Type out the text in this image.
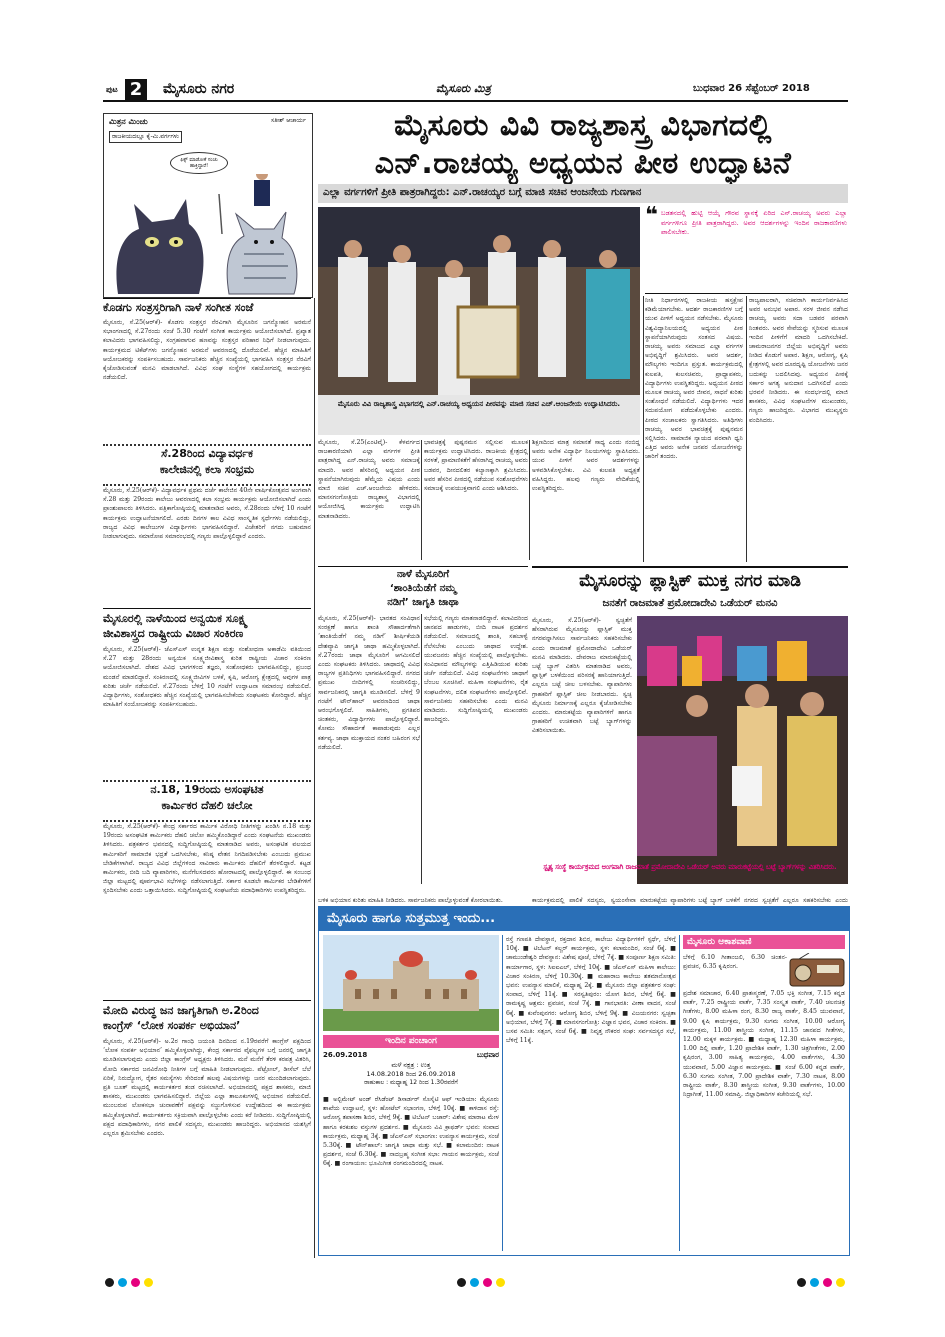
ಪುಟ 2	ಮೈಸೂರು ನಗರ	ಮೈಸೂರು ಮಿತ್ರ	ಬುಧವಾರ 26 ಸೆಪ್ಟೆಂಬರ್ 2018
ಮಿತ್ರನ ಮಿಂಚು	ಸತೀಶ್ ಆಚಾರ್ಯ
ರಾಜಕೀಯದಲ್ಲೂ ಕೈ-ಮಿ.ವರ್ಗಗಳು
ಫಿಕ್ಸ್ ಮಾಡೋಕೆ ಸಂಚು ಹಾಕ್ತಿದ್ದಾರೆ!
ಮೈಸೂರು ವಿವಿ ರಾಜ್ಯಶಾಸ್ತ್ರ ವಿಭಾಗದಲ್ಲಿ
ಎನ್.ರಾಚಯ್ಯ ಅಧ್ಯಯನ ಪೀಠ ಉದ್ಘಾಟನೆ
ಎಲ್ಲಾ ವರ್ಗಗಳಿಗೆ ಪ್ರೀತಿ ಪಾತ್ರರಾಗಿದ್ದರು: ಎನ್.ರಾಚಯ್ಯರ ಬಗ್ಗೆ ಮಾಜಿ ಸಚಿವ ಆಂಜನೇಯ ಗುಣಗಾನ
ಮೈಸೂರು ವಿವಿ ರಾಜ್ಯಶಾಸ್ತ್ರ ವಿಭಾಗದಲ್ಲಿ ಎನ್.ರಾಚಯ್ಯ ಅಧ್ಯಯನ ಪೀಠವನ್ನು ಮಾಜಿ ಸಚಿವ ಎಚ್.ಆಂಜನೇಯ ಉದ್ಘಾಟಿಸಿದರು.
❝ ಬಡತನದಲ್ಲಿ ಹುಟ್ಟಿ ಆಯ್ಕೆ ಗೌರವ ಸ್ಥಾನಕ್ಕೆ ಏರಿದ ಎನ್.ರಾಚಯ್ಯ ಅವರು ಎಲ್ಲಾ ವರ್ಗಗಳಿಗೂ ಪ್ರೀತಿ ಪಾತ್ರರಾಗಿದ್ದರು. ಅವರ ಆದರ್ಶಗಳನ್ನು ಇಂದಿನ ರಾಜಕಾರಣಿಗಳು ಪಾಲಿಸಬೇಕು.
ನೀತಿ ನಿರ್ಧಾರಗಳಲ್ಲಿ ರಾಜಕೀಯ ಹಸ್ತಕ್ಷೇಪ ಕಡಿಮೆಯಾಗಬೇಕು. ಆದರ್ಶ ರಾಜಕಾರಣಿಗಳ ಬಗ್ಗೆ ಯುವ ಪೀಳಿಗೆ ಅಧ್ಯಯನ ನಡೆಸಬೇಕು. ಮೈಸೂರು ವಿಶ್ವವಿದ್ಯಾನಿಲಯದಲ್ಲಿ ಅಧ್ಯಯನ ಪೀಠ ಸ್ಥಾಪನೆಯಾಗಿರುವುದು ಸಂತಸದ ವಿಷಯ. ರಾಚಯ್ಯ ಅವರು ಸಮಾಜದ ಎಲ್ಲಾ ವರ್ಗಗಳ ಅಭಿವೃದ್ಧಿಗೆ ಶ್ರಮಿಸಿದರು. ಅವರ ಆದರ್ಶ, ಮೌಲ್ಯಗಳು ಇಂದಿಗೂ ಪ್ರಸ್ತುತ. ಕಾರ್ಯಕ್ರಮದಲ್ಲಿ ಕುಲಪತಿ, ಕುಲಸಚಿವರು, ಪ್ರಾಧ್ಯಾಪಕರು, ವಿದ್ಯಾರ್ಥಿಗಳು ಉಪಸ್ಥಿತರಿದ್ದರು. ಅಧ್ಯಯನ ಪೀಠದ ಮೂಲಕ ರಾಚಯ್ಯ ಅವರ ಜೀವನ, ಸಾಧನೆ ಕುರಿತು ಸಂಶೋಧನೆ ನಡೆಯಲಿದೆ. ವಿದ್ಯಾರ್ಥಿಗಳು ಇದರ ಸದುಪಯೋಗ ಪಡೆದುಕೊಳ್ಳಬೇಕು ಎಂದರು. ಪೀಠದ ಸಂಚಾಲಕರು ಸ್ವಾಗತಿಸಿದರು. ಅತಿಥಿಗಳು ರಾಚಯ್ಯ ಅವರ ಭಾವಚಿತ್ರಕ್ಕೆ ಪುಷ್ಪನಮನ ಸಲ್ಲಿಸಿದರು. ಸಾಮಾಜಿಕ ನ್ಯಾಯದ ಪರವಾಗಿ ಧ್ವನಿ ಎತ್ತಿದ ಅವರು ಅನೇಕ ಜನಪರ ಯೋಜನೆಗಳನ್ನು ಜಾರಿಗೆ ತಂದರು.
ರಾಜ್ಯಪಾಲರಾಗಿ, ಸಚಿವರಾಗಿ ಕಾರ್ಯನಿರ್ವಹಿಸಿದ ಅವರ ಅನುಭವ ಅಪಾರ. ಸರಳ ಜೀವನ ನಡೆಸಿದ ರಾಚಯ್ಯ ಅವರು ಸದಾ ಬಡವರ ಪರವಾಗಿ ನಿಂತವರು. ಅವರ ಸೇವೆಯನ್ನು ಸ್ಮರಿಸುವ ಮೂಲಕ ಇಂದಿನ ಪೀಳಿಗೆಗೆ ಮಾದರಿ ಒದಗಿಸಬೇಕಿದೆ. ಚಾಮರಾಜನಗರ ಜಿಲ್ಲೆಯ ಅಭಿವೃದ್ಧಿಗೆ ಅವರು ನೀಡಿದ ಕೊಡುಗೆ ಅಪಾರ. ಶಿಕ್ಷಣ, ಆರೋಗ್ಯ, ಕೃಷಿ ಕ್ಷೇತ್ರಗಳಲ್ಲಿ ಅವರ ದೂರದೃಷ್ಟಿ ಯೋಜನೆಗಳು ಜನರ ಬದುಕನ್ನು ಬದಲಿಸಿದವು. ಅಧ್ಯಯನ ಪೀಠಕ್ಕೆ ಸರ್ಕಾರ ಅಗತ್ಯ ಅನುದಾನ ಒದಗಿಸಲಿದೆ ಎಂದು ಭರವಸೆ ನೀಡಿದರು. ಈ ಸಂದರ್ಭದಲ್ಲಿ ಮಾಜಿ ಶಾಸಕರು, ವಿವಿಧ ಸಂಘಟನೆಗಳ ಮುಖಂಡರು, ಗಣ್ಯರು ಹಾಜರಿದ್ದರು. ವಿಭಾಗದ ಮುಖ್ಯಸ್ಥರು ವಂದಿಸಿದರು.
ಮೈಸೂರು, ಸೆ.25(ಎಂಟಿವೈ)- ಕೆಳವರ್ಗದ ರಾಜಕಾರಣಿಯಾಗಿ ಎಲ್ಲಾ ವರ್ಗಗಳ ಪ್ರೀತಿ ಪಾತ್ರರಾಗಿದ್ದ ಎನ್.ರಾಚಯ್ಯ ಅವರು ಸಮಾಜಕ್ಕೆ ಮಾದರಿ. ಅವರ ಹೆಸರಿನಲ್ಲಿ ಅಧ್ಯಯನ ಪೀಠ ಸ್ಥಾಪನೆಯಾಗಿರುವುದು ಹೆಮ್ಮೆಯ ವಿಷಯ ಎಂದು ಮಾಜಿ ಸಚಿವ ಎಚ್.ಆಂಜನೇಯ ಹೇಳಿದರು. ಮಾನಸಗಂಗೋತ್ರಿಯ ರಾಜ್ಯಶಾಸ್ತ್ರ ವಿಭಾಗದಲ್ಲಿ ಆಯೋಜಿಸಿದ್ದ ಕಾರ್ಯಕ್ರಮ ಉದ್ಘಾಟಿಸಿ ಮಾತನಾಡಿದರು.
ಭಾವಚಿತ್ರಕ್ಕೆ ಪುಷ್ಪನಮನ ಸಲ್ಲಿಸುವ ಮೂಲಕ ಕಾರ್ಯಕ್ರಮ ಉದ್ಘಾಟಿಸಿದರು. ರಾಜಕೀಯ ಕ್ಷೇತ್ರದಲ್ಲಿ ಸರಳತೆ, ಪ್ರಾಮಾಣಿಕತೆಗೆ ಹೆಸರಾಗಿದ್ದ ರಾಚಯ್ಯ ಅವರು ಬಡವರ, ದೀನದಲಿತರ ಕಲ್ಯಾಣಕ್ಕಾಗಿ ಶ್ರಮಿಸಿದರು. ಅವರ ಹೆಸರಿನ ಪೀಠದಲ್ಲಿ ನಡೆಯುವ ಸಂಶೋಧನೆಗಳು ಸಮಾಜಕ್ಕೆ ಉಪಯುಕ್ತವಾಗಲಿ ಎಂದು ಆಶಿಸಿದರು.
ಶಿಕ್ಷಣದಿಂದ ಮಾತ್ರ ಸಮಾನತೆ ಸಾಧ್ಯ ಎಂದು ನಂಬಿದ್ದ ಅವರು ಅನೇಕ ವಿದ್ಯಾರ್ಥಿ ನಿಲಯಗಳನ್ನು ಸ್ಥಾಪಿಸಿದರು. ಯುವ ಪೀಳಿಗೆ ಅವರ ಆದರ್ಶಗಳನ್ನು ಅಳವಡಿಸಿಕೊಳ್ಳಬೇಕು. ವಿವಿ ಕುಲಪತಿ ಅಧ್ಯಕ್ಷತೆ ವಹಿಸಿದ್ದರು. ಹಲವು ಗಣ್ಯರು ವೇದಿಕೆಯಲ್ಲಿ ಉಪಸ್ಥಿತರಿದ್ದರು.
ಕೊಡಗು ಸಂತ್ರಸ್ತರಿಗಾಗಿ ನಾಳೆ ಸಂಗೀತ ಸಂಜೆ
ಮೈಸೂರು, ಸೆ.25(ಆರ್‌ಕೆ)- ಕೊಡಗು ಸಂತ್ರಸ್ತರ ನೆರವಿಗಾಗಿ ಮೈಸೂರಿನ ಜಗನ್ಮೋಹನ ಅರಮನೆ ಸಭಾಂಗಣದಲ್ಲಿ ಸೆ.27ರಂದು ಸಂಜೆ 5.30 ಗಂಟೆಗೆ ಸಂಗೀತ ಕಾರ್ಯಕ್ರಮ ಆಯೋಜಿಸಲಾಗಿದೆ. ಪ್ರಖ್ಯಾತ ಕಲಾವಿದರು ಭಾಗವಹಿಸಲಿದ್ದು, ಸಂಗ್ರಹವಾಗುವ ಹಣವನ್ನು ಸಂತ್ರಸ್ತರ ಪರಿಹಾರ ನಿಧಿಗೆ ನೀಡಲಾಗುವುದು. ಕಾರ್ಯಕ್ರಮದ ಟಿಕೆಟ್‌ಗಳು ಜಗನ್ಮೋಹನ ಅರಮನೆ ಆವರಣದಲ್ಲಿ ದೊರೆಯಲಿವೆ. ಹೆಚ್ಚಿನ ಮಾಹಿತಿಗೆ ಆಯೋಜಕರನ್ನು ಸಂಪರ್ಕಿಸಬಹುದು. ಸಾರ್ವಜನಿಕರು ಹೆಚ್ಚಿನ ಸಂಖ್ಯೆಯಲ್ಲಿ ಭಾಗವಹಿಸಿ ಸಂತ್ರಸ್ತರ ನೆರವಿಗೆ ಕೈಜೋಡಿಸುವಂತೆ ಮನವಿ ಮಾಡಲಾಗಿದೆ. ವಿವಿಧ ಸಂಘ ಸಂಸ್ಥೆಗಳ ಸಹಯೋಗದಲ್ಲಿ ಕಾರ್ಯಕ್ರಮ ನಡೆಯಲಿದೆ.
ಸೆ.28ರಿಂದ ವಿದ್ಯಾವರ್ಧಕ
ಕಾಲೇಜಿನಲ್ಲಿ ಕಲಾ ಸಂಭ್ರಮ
ಮೈಸೂರು, ಸೆ.25(ಆರ್‌ಕೆ)- ವಿದ್ಯಾವರ್ಧಕ ಪ್ರಥಮ ದರ್ಜೆ ಕಾಲೇಜಿನ 40ನೇ ವಾರ್ಷಿಕೋತ್ಸವದ ಅಂಗವಾಗಿ ಸೆ.28 ಮತ್ತು 29ರಂದು ಕಾಲೇಜು ಆವರಣದಲ್ಲಿ ಕಲಾ ಸಂಭ್ರಮ ಕಾರ್ಯಕ್ರಮ ಆಯೋಜಿಸಲಾಗಿದೆ ಎಂದು ಪ್ರಾಂಶುಪಾಲರು ತಿಳಿಸಿದರು. ಪತ್ರಿಕಾಗೋಷ್ಠಿಯಲ್ಲಿ ಮಾತನಾಡಿದ ಅವರು, ಸೆ.28ರಂದು ಬೆಳಿಗ್ಗೆ 10 ಗಂಟೆಗೆ ಕಾರ್ಯಕ್ರಮ ಉದ್ಘಾಟನೆಯಾಗಲಿದೆ. ಎರಡು ದಿನಗಳ ಕಾಲ ವಿವಿಧ ಸಾಂಸ್ಕೃತಿಕ ಸ್ಪರ್ಧೆಗಳು ನಡೆಯಲಿದ್ದು, ರಾಜ್ಯದ ವಿವಿಧ ಕಾಲೇಜುಗಳ ವಿದ್ಯಾರ್ಥಿಗಳು ಭಾಗವಹಿಸಲಿದ್ದಾರೆ. ವಿಜೇತರಿಗೆ ನಗದು ಬಹುಮಾನ ನೀಡಲಾಗುವುದು. ಸಮಾರೋಪ ಸಮಾರಂಭದಲ್ಲಿ ಗಣ್ಯರು ಪಾಲ್ಗೊಳ್ಳಲಿದ್ದಾರೆ ಎಂದರು.
ಮೈಸೂರಲ್ಲಿ ನಾಳೆಯಿಂದ ಅನ್ವಯಿಕ ಸೂಕ್ಷ್ಮ
ಜೀವಿಶಾಸ್ತ್ರದ ರಾಷ್ಟ್ರೀಯ ವಿಚಾರ ಸಂಕಿರಣ
ಮೈಸೂರು, ಸೆ.25(ಆರ್‌ಕೆ)- ಜೆಎಸ್‌ಎಸ್ ಉನ್ನತ ಶಿಕ್ಷಣ ಮತ್ತು ಸಂಶೋಧನಾ ಅಕಾಡೆಮಿ ವತಿಯಿಂದ ಸೆ.27 ಮತ್ತು 28ರಂದು ಅನ್ವಯಿಕ ಸೂಕ್ಷ್ಮಜೀವಿಶಾಸ್ತ್ರ ಕುರಿತ ರಾಷ್ಟ್ರೀಯ ವಿಚಾರ ಸಂಕಿರಣ ಆಯೋಜಿಸಲಾಗಿದೆ. ದೇಶದ ವಿವಿಧ ಭಾಗಗಳಿಂದ ತಜ್ಞರು, ಸಂಶೋಧಕರು ಭಾಗವಹಿಸಲಿದ್ದು, ಪ್ರಬಂಧ ಮಂಡನೆ ಮಾಡಲಿದ್ದಾರೆ. ಸಂಕಿರಣದಲ್ಲಿ ಸೂಕ್ಷ್ಮಜೀವಿಗಳ ಬಳಕೆ, ಕೃಷಿ, ಆರೋಗ್ಯ ಕ್ಷೇತ್ರದಲ್ಲಿ ಅವುಗಳ ಪಾತ್ರ ಕುರಿತು ಚರ್ಚೆ ನಡೆಯಲಿದೆ. ಸೆ.27ರಂದು ಬೆಳಿಗ್ಗೆ 10 ಗಂಟೆಗೆ ಉದ್ಘಾಟನಾ ಸಮಾರಂಭ ನಡೆಯಲಿದೆ. ವಿದ್ಯಾರ್ಥಿಗಳು, ಸಂಶೋಧಕರು ಹೆಚ್ಚಿನ ಸಂಖ್ಯೆಯಲ್ಲಿ ಭಾಗವಹಿಸಬೇಕೆಂದು ಸಂಘಟಕರು ಕೋರಿದ್ದಾರೆ. ಹೆಚ್ಚಿನ ಮಾಹಿತಿಗೆ ಸಂಯೋಜಕರನ್ನು ಸಂಪರ್ಕಿಸಬಹುದು.
ನ.18, 19ರಂದು ಅಸಂಘಟಿತ
ಕಾರ್ಮಿಕರ ದೆಹಲಿ ಚಲೋ
ಮೈಸೂರು, ಸೆ.25(ಆರ್‌ಕೆ)- ಕೇಂದ್ರ ಸರ್ಕಾರದ ಕಾರ್ಮಿಕ ವಿರೋಧಿ ನೀತಿಗಳನ್ನು ಖಂಡಿಸಿ ನ.18 ಮತ್ತು 19ರಂದು ಅಸಂಘಟಿತ ಕಾರ್ಮಿಕರು ದೆಹಲಿ ಚಲೋ ಹಮ್ಮಿಕೊಂಡಿದ್ದಾರೆ ಎಂದು ಸಂಘಟನೆಯ ಮುಖಂಡರು ತಿಳಿಸಿದರು. ಪತ್ರಕರ್ತರ ಭವನದಲ್ಲಿ ಸುದ್ದಿಗೋಷ್ಠಿಯಲ್ಲಿ ಮಾತನಾಡಿದ ಅವರು, ಅಸಂಘಟಿತ ವಲಯದ ಕಾರ್ಮಿಕರಿಗೆ ಸಾಮಾಜಿಕ ಭದ್ರತೆ ಒದಗಿಸಬೇಕು, ಕನಿಷ್ಠ ವೇತನ ನಿಗದಿಪಡಿಸಬೇಕು ಎಂಬುದು ಪ್ರಮುಖ ಬೇಡಿಕೆಗಳಾಗಿವೆ. ರಾಜ್ಯದ ವಿವಿಧ ಜಿಲ್ಲೆಗಳಿಂದ ಸಾವಿರಾರು ಕಾರ್ಮಿಕರು ದೆಹಲಿಗೆ ತೆರಳಲಿದ್ದಾರೆ. ಕಟ್ಟಡ ಕಾರ್ಮಿಕರು, ಬೀದಿ ಬದಿ ವ್ಯಾಪಾರಿಗಳು, ಮನೆಗೆಲಸದವರು ಹೋರಾಟದಲ್ಲಿ ಪಾಲ್ಗೊಳ್ಳಲಿದ್ದಾರೆ. ಈ ಸಂಬಂಧ ಜಿಲ್ಲಾ ಮಟ್ಟದಲ್ಲಿ ಪೂರ್ವಭಾವಿ ಸಭೆಗಳನ್ನು ನಡೆಸಲಾಗುತ್ತಿದೆ. ಸರ್ಕಾರ ಕೂಡಲೇ ಕಾರ್ಮಿಕರ ಬೇಡಿಕೆಗಳಿಗೆ ಸ್ಪಂದಿಸಬೇಕು ಎಂದು ಒತ್ತಾಯಿಸಿದರು. ಸುದ್ದಿಗೋಷ್ಠಿಯಲ್ಲಿ ಸಂಘಟನೆಯ ಪದಾಧಿಕಾರಿಗಳು ಉಪಸ್ಥಿತರಿದ್ದರು.
ಮೋದಿ ವಿರುದ್ಧ ಜನ ಜಾಗೃತಿಗಾಗಿ ಅ.2ರಿಂದ
ಕಾಂಗ್ರೆಸ್ ‘ಲೋಕ ಸಂಪರ್ಕ ಅಭಿಯಾನ’
ಮೈಸೂರು, ಸೆ.25(ಆರ್‌ಕೆ)- ಅ.2ರ ಗಾಂಧಿ ಜಯಂತಿ ದಿನದಿಂದ ನ.19ರವರೆಗೆ ಕಾಂಗ್ರೆಸ್ ಪಕ್ಷದಿಂದ ‘ಲೋಕ ಸಂಪರ್ಕ ಅಭಿಯಾನ’ ಹಮ್ಮಿಕೊಳ್ಳಲಾಗಿದ್ದು, ಕೇಂದ್ರ ಸರ್ಕಾರದ ವೈಫಲ್ಯಗಳ ಬಗ್ಗೆ ಜನರಲ್ಲಿ ಜಾಗೃತಿ ಮೂಡಿಸಲಾಗುವುದು ಎಂದು ಜಿಲ್ಲಾ ಕಾಂಗ್ರೆಸ್ ಅಧ್ಯಕ್ಷರು ತಿಳಿಸಿದರು. ಮನೆ ಮನೆಗೆ ತೆರಳಿ ಕರಪತ್ರ ವಿತರಿಸಿ, ಮೋದಿ ಸರ್ಕಾರದ ಜನವಿರೋಧಿ ನೀತಿಗಳ ಬಗ್ಗೆ ಮಾಹಿತಿ ನೀಡಲಾಗುವುದು. ಪೆಟ್ರೋಲ್, ಡೀಸೆಲ್ ಬೆಲೆ ಏರಿಕೆ, ನಿರುದ್ಯೋಗ, ರೈತರ ಸಮಸ್ಯೆಗಳು ಸೇರಿದಂತೆ ಹಲವು ವಿಷಯಗಳನ್ನು ಜನರ ಮುಂದಿಡಲಾಗುವುದು. ಪ್ರತಿ ಬೂತ್ ಮಟ್ಟದಲ್ಲಿ ಕಾರ್ಯಕರ್ತರ ತಂಡ ರಚಿಸಲಾಗಿದೆ. ಅಭಿಯಾನದಲ್ಲಿ ಪಕ್ಷದ ಶಾಸಕರು, ಮಾಜಿ ಶಾಸಕರು, ಮುಖಂಡರು ಭಾಗವಹಿಸಲಿದ್ದಾರೆ. ಜಿಲ್ಲೆಯ ಎಲ್ಲಾ ತಾಲೂಕುಗಳಲ್ಲಿ ಅಭಿಯಾನ ನಡೆಯಲಿದೆ. ಮುಂಬರುವ ಲೋಕಸಭಾ ಚುನಾವಣೆಗೆ ಪಕ್ಷವನ್ನು ಸಜ್ಜುಗೊಳಿಸುವ ಉದ್ದೇಶದಿಂದ ಈ ಕಾರ್ಯಕ್ರಮ ಹಮ್ಮಿಕೊಳ್ಳಲಾಗಿದೆ. ಕಾರ್ಯಕರ್ತರು ಸಕ್ರಿಯವಾಗಿ ಪಾಲ್ಗೊಳ್ಳಬೇಕು ಎಂದು ಕರೆ ನೀಡಿದರು. ಸುದ್ದಿಗೋಷ್ಠಿಯಲ್ಲಿ ಪಕ್ಷದ ಪದಾಧಿಕಾರಿಗಳು, ನಗರ ಪಾಲಿಕೆ ಸದಸ್ಯರು, ಮುಖಂಡರು ಹಾಜರಿದ್ದರು. ಅಭಿಯಾನದ ಯಶಸ್ಸಿಗೆ ಎಲ್ಲರೂ ಶ್ರಮಿಸಬೇಕು ಎಂದರು.
ನಾಳೆ ಮೈಸೂರಿಗೆ
‘ಶಾಂತಿಯೆಡೆಗೆ ನಮ್ಮ
ನಡಿಗೆ’ ಜಾಗೃತಿ ಜಾಥಾ
ಮೈಸೂರು, ಸೆ.25(ಆರ್‌ಕೆ)- ಭಾರತದ ಸಂವಿಧಾನ ಸಂರಕ್ಷಣೆ ಹಾಗೂ ಶಾಂತಿ ಸೌಹಾರ್ದತೆಗಾಗಿ ‘ಶಾಂತಿಯೆಡೆಗೆ ನಮ್ಮ ನಡಿಗೆ’ ಶೀರ್ಷಿಕೆಯಡಿ ದೇಶವ್ಯಾಪಿ ಜಾಗೃತಿ ಜಾಥಾ ಹಮ್ಮಿಕೊಳ್ಳಲಾಗಿದೆ. ಸೆ.27ರಂದು ಜಾಥಾ ಮೈಸೂರಿಗೆ ಆಗಮಿಸಲಿದೆ ಎಂದು ಸಂಘಟಕರು ತಿಳಿಸಿದರು. ಜಾಥಾದಲ್ಲಿ ವಿವಿಧ ರಾಜ್ಯಗಳ ಪ್ರತಿನಿಧಿಗಳು ಭಾಗವಹಿಸಲಿದ್ದಾರೆ. ನಗರದ ಪ್ರಮುಖ ಬೀದಿಗಳಲ್ಲಿ ಸಂಚರಿಸಲಿದ್ದು, ಸಾರ್ವಜನಿಕರಲ್ಲಿ ಜಾಗೃತಿ ಮೂಡಿಸಲಿದೆ. ಬೆಳಿಗ್ಗೆ 9 ಗಂಟೆಗೆ ಟೌನ್‌ಹಾಲ್ ಆವರಣದಿಂದ ಜಾಥಾ ಆರಂಭಗೊಳ್ಳಲಿದೆ. ಸಾಹಿತಿಗಳು, ಪ್ರಗತಿಪರ ಚಿಂತಕರು, ವಿದ್ಯಾರ್ಥಿಗಳು ಪಾಲ್ಗೊಳ್ಳಲಿದ್ದಾರೆ. ಕೋಮು ಸೌಹಾರ್ದತೆ ಕಾಪಾಡುವುದು ಎಲ್ಲರ ಕರ್ತವ್ಯ. ಜಾಥಾ ಮುಕ್ತಾಯದ ನಂತರ ಬಹಿರಂಗ ಸಭೆ ನಡೆಯಲಿದೆ.
ಸಭೆಯಲ್ಲಿ ಗಣ್ಯರು ಮಾತನಾಡಲಿದ್ದಾರೆ. ಕಲಾವಿದರಿಂದ ಜಾನಪದ ಹಾಡುಗಳು, ಬೀದಿ ನಾಟಕ ಪ್ರದರ್ಶನ ನಡೆಯಲಿದೆ. ಸಮಾಜದಲ್ಲಿ ಶಾಂತಿ, ಸಹಬಾಳ್ವೆ ನೆಲೆಸಬೇಕು ಎಂಬುದು ಜಾಥಾದ ಉದ್ದೇಶ. ಯುವಜನರು ಹೆಚ್ಚಿನ ಸಂಖ್ಯೆಯಲ್ಲಿ ಪಾಲ್ಗೊಳ್ಳಬೇಕು. ಸಂವಿಧಾನದ ಮೌಲ್ಯಗಳನ್ನು ಎತ್ತಿಹಿಡಿಯುವ ಕುರಿತು ಚರ್ಚೆ ನಡೆಯಲಿದೆ. ವಿವಿಧ ಸಂಘಟನೆಗಳು ಜಾಥಾಗೆ ಬೆಂಬಲ ಸೂಚಿಸಿವೆ. ಮಹಿಳಾ ಸಂಘಟನೆಗಳು, ರೈತ ಸಂಘಟನೆಗಳು, ದಲಿತ ಸಂಘಟನೆಗಳು ಪಾಲ್ಗೊಳ್ಳಲಿವೆ. ಸಾರ್ವಜನಿಕರು ಸಹಕರಿಸಬೇಕು ಎಂದು ಮನವಿ ಮಾಡಿದರು. ಸುದ್ದಿಗೋಷ್ಠಿಯಲ್ಲಿ ಮುಖಂಡರು ಹಾಜರಿದ್ದರು.
ಮೈಸೂರನ್ನು ಪ್ಲಾಸ್ಟಿಕ್ ಮುಕ್ತ ನಗರ ಮಾಡಿ
ಜನತೆಗೆ ರಾಜಮಾತೆ ಪ್ರಮೋದಾದೇವಿ ಒಡೆಯರ್ ಮನವಿ
ಮೈಸೂರು, ಸೆ.25(ಆರ್‌ಕೆ)- ಸ್ವಚ್ಛತೆಗೆ ಹೆಸರಾಗಿರುವ ಮೈಸೂರನ್ನು ಪ್ಲಾಸ್ಟಿಕ್ ಮುಕ್ತ ನಗರವನ್ನಾಗಿಸಲು ಸಾರ್ವಜನಿಕರು ಸಹಕರಿಸಬೇಕು ಎಂದು ರಾಜಮಾತೆ ಪ್ರಮೋದಾದೇವಿ ಒಡೆಯರ್ ಮನವಿ ಮಾಡಿದರು. ದೇವರಾಜ ಮಾರುಕಟ್ಟೆಯಲ್ಲಿ ಬಟ್ಟೆ ಬ್ಯಾಗ್ ವಿತರಿಸಿ ಮಾತನಾಡಿದ ಅವರು, ಪ್ಲಾಸ್ಟಿಕ್ ಬಳಕೆಯಿಂದ ಪರಿಸರಕ್ಕೆ ಹಾನಿಯಾಗುತ್ತಿದೆ. ಎಲ್ಲರೂ ಬಟ್ಟೆ ಚೀಲ ಬಳಸಬೇಕು. ವ್ಯಾಪಾರಿಗಳು ಗ್ರಾಹಕರಿಗೆ ಪ್ಲಾಸ್ಟಿಕ್ ಚೀಲ ನೀಡಬಾರದು. ಸ್ವಚ್ಛ ಮೈಸೂರು ನಿರ್ಮಾಣಕ್ಕೆ ಎಲ್ಲರೂ ಕೈಜೋಡಿಸಬೇಕು ಎಂದರು. ಮಾರುಕಟ್ಟೆಯ ವ್ಯಾಪಾರಿಗಳಿಗೆ ಹಾಗೂ ಗ್ರಾಹಕರಿಗೆ ಉಚಿತವಾಗಿ ಬಟ್ಟೆ ಬ್ಯಾಗ್‌ಗಳನ್ನು ವಿತರಿಸಲಾಯಿತು.
ಸ್ಟೃತ್ಯ ಸಂಸ್ಥೆ ಕಾರ್ಯಕ್ರಮದ ಅಂಗವಾಗಿ ರಾಜಮಾತೆ ಪ್ರಮೋದಾದೇವಿ ಒಡೆಯರ್ ಅವರು ಮಾರುಕಟ್ಟೆಯಲ್ಲಿ ಬಟ್ಟೆ ಬ್ಯಾಗ್‌ಗಳನ್ನು ವಿತರಿಸಿದರು.
ಕಾರ್ಯಕ್ರಮದಲ್ಲಿ ಪಾಲಿಕೆ ಸದಸ್ಯರು, ಸ್ವಯಂಸೇವಾ ಮಾರುಕಟ್ಟೆಯ ವ್ಯಾಪಾರಿಗಳು ಬಟ್ಟೆ ಬ್ಯಾಗ್ ಬಳಕೆಗೆ ನಗರದ ಸ್ವಚ್ಛತೆಗೆ ಎಲ್ಲರೂ ಸಹಕರಿಸಬೇಕು ಎಂದು
ಬಳಿಕ ಅಭಿಯಾನ ಕುರಿತು ಮಾಹಿತಿ ನೀಡಿದರು. ಸಾರ್ವಜನಿಕರು ಪಾಲ್ಗೊಳ್ಳುವಂತೆ ಕೋರಲಾಯಿತು.
ಮೈಸೂರು ಹಾಗೂ ಸುತ್ತಮುತ್ತ ಇಂದು...
ಇಂದಿನ ಪಂಚಾಂಗ
26.09.2018	ಬುಧವಾರ
ಮಳೆ ನಕ್ಷತ್ರ : ಉತ್ತ
14.08.2018 ರಿಂದ 26.09.2018
ರಾಹುಕಾಲ : ಮಧ್ಯಾಹ್ನ 12 ರಿಂದ 1.30ರವರೆಗೆ
■ ಅಲ್ಟಿಮೇಟ್ ಅಂಡ್ ರೆಸಿಡೆಂಟ್ ಡಿಸಾರ್ಡರ್ ಸೊಸೈಟಿ ಆಫ್ ಇಂಡಿಯಾ: ಮೈಸೂರು ಶಾಖೆಯ ಉದ್ಘಾಟನೆ, ಸ್ಥಳ: ಹೋಟೆಲ್ ಸಭಾಂಗಣ, ಬೆಳಿಗ್ಗೆ 10ಕ್ಕೆ. ■ ಕಾಳಿದಾಸ ರಸ್ತೆ: ಆರೋಗ್ಯ ತಪಾಸಣಾ ಶಿಬಿರ, ಬೆಳಿಗ್ಗೆ 9ಕ್ಕೆ. ■ ಟಿಬೆಟನ್ ಬಜಾರ್: ವಿಶೇಷ ಮಾರಾಟ ಮೇಳ ಹಾಗೂ ಕರಕುಶಲ ವಸ್ತುಗಳ ಪ್ರದರ್ಶನ. ■ ಮೈಸೂರು ವಿವಿ ಕ್ರಾಫರ್ಡ್ ಭವನ: ಸಂವಾದ ಕಾರ್ಯಕ್ರಮ, ಮಧ್ಯಾಹ್ನ 3ಕ್ಕೆ. ■ ಜೆಎಸ್‌ಎಸ್ ಸಭಾಂಗಣ: ಉಪನ್ಯಾಸ ಕಾರ್ಯಕ್ರಮ, ಸಂಜೆ 5.30ಕ್ಕೆ. ■ ಟೌನ್‌ಹಾಲ್: ಜಾಗೃತಿ ಜಾಥಾ ಮತ್ತು ಸಭೆ. ■ ಕಲಾಮಂದಿರ: ನಾಟಕ ಪ್ರದರ್ಶನ, ಸಂಜೆ 6.30ಕ್ಕೆ. ■ ನಾದಬ್ರಹ್ಮ ಸಂಗೀತ ಸಭಾ: ಗಾಯನ ಕಾರ್ಯಕ್ರಮ, ಸಂಜೆ 6ಕ್ಕೆ. ■ ರಂಗಾಯಣ: ಭೂಮಿಗೀತ ರಂಗಮಂದಿರದಲ್ಲಿ ನಾಟಕ.
ರಸ್ತೆ ಗಣಪತಿ ದೇವಸ್ಥಾನ, ರಕ್ತದಾನ ಶಿಬಿರ, ಕಾಲೇಜು ವಿದ್ಯಾರ್ಥಿಗಳಿಗೆ ಸ್ಪರ್ಧೆ, ಬೆಳಿಗ್ಗೆ 10ಕ್ಕೆ. ■ ಟಿಬೆಟನ್ ಕಲ್ಚರ್ ಕಾರ್ಯಕ್ರಮ, ಸ್ಥಳ: ಕಲಾಮಂದಿರ, ಸಂಜೆ 6ಕ್ಕೆ. ■ ಚಾಮುಂಡೇಶ್ವರಿ ದೇವಸ್ಥಾನ: ವಿಶೇಷ ಪೂಜೆ, ಬೆಳಿಗ್ಗೆ 7ಕ್ಕೆ. ■ ಸಂಪೂರ್ಣ ಶಿಕ್ಷಣ ಸಮಿತಿ: ಕಾರ್ಯಾಗಾರ, ಸ್ಥಳ: ಸಿಐಐಎಲ್, ಬೆಳಿಗ್ಗೆ 10ಕ್ಕೆ. ■ ಜೆಎಸ್‌ಎಸ್ ಮಹಿಳಾ ಕಾಲೇಜು: ವಿಚಾರ ಸಂಕಿರಣ, ಬೆಳಿಗ್ಗೆ 10.30ಕ್ಕೆ. ■ ಮಹಾರಾಜ ಕಾಲೇಜು ಶತಮಾನೋತ್ಸವ ಭವನ: ಉಪನ್ಯಾಸ ಮಾಲಿಕೆ, ಮಧ್ಯಾಹ್ನ 2ಕ್ಕೆ. ■ ಮೈಸೂರು ಜಿಲ್ಲಾ ಪತ್ರಕರ್ತರ ಸಂಘ: ಸಂವಾದ, ಬೆಳಿಗ್ಗೆ 11ಕ್ಕೆ. ■ ಸರಸ್ವತಿಪುರಂ: ಯೋಗ ಶಿಬಿರ, ಬೆಳಿಗ್ಗೆ 6ಕ್ಕೆ. ■ ರಾಮಕೃಷ್ಣ ಆಶ್ರಮ: ಪ್ರವಚನ, ಸಂಜೆ 7ಕ್ಕೆ. ■ ಗಾನಭಾರತಿ: ವೀಣಾ ವಾದನ, ಸಂಜೆ 6ಕ್ಕೆ. ■ ಕುವೆಂಪುನಗರ: ಆರೋಗ್ಯ ಶಿಬಿರ, ಬೆಳಿಗ್ಗೆ 9ಕ್ಕೆ. ■ ವಿಜಯನಗರ: ಸ್ವಚ್ಛತಾ ಅಭಿಯಾನ, ಬೆಳಿಗ್ಗೆ 7ಕ್ಕೆ. ■ ಮಾನಸಗಂಗೋತ್ರಿ: ವಿಜ್ಞಾನ ಭವನ, ವಿಚಾರ ಸಂಕಿರಣ. ■ ಬಸವ ಸಮಿತಿ: ಸತ್ಸಂಗ, ಸಂಜೆ 6ಕ್ಕೆ. ■ ನಿವೃತ್ತ ನೌಕರರ ಸಂಘ: ಸರ್ವಸದಸ್ಯರ ಸಭೆ, ಬೆಳಿಗ್ಗೆ 11ಕ್ಕೆ.
ಮೈಸೂರು ಆಕಾಶವಾಣಿ
ಬೆಳಿಗ್ಗೆ 6.10 ಗೀತಾಂಜಲಿ, 6.30 ಚಿಂತನ-ಪ್ರವಚನ, 6.35 ಕೃಷಿರಂಗ.
ಪ್ರದೇಶ ಸಮಾಚಾರ, 6.40 ಪ್ರಾತಃಸ್ಮರಣೆ, 7.05 ಭಕ್ತಿ ಸಂಗೀತ, 7.15 ಕನ್ನಡ ವಾರ್ತೆ, 7.25 ರಾಷ್ಟ್ರೀಯ ವಾರ್ತೆ, 7.35 ಸಂಸ್ಕೃತ ವಾರ್ತೆ, 7.40 ಚಲನಚಿತ್ರ ಗೀತೆಗಳು, 8.00 ಮಹಿಳಾ ರಂಗ, 8.30 ರಾಜ್ಯ ವಾರ್ತೆ, 8.45 ಯುವವಾಣಿ, 9.00 ಕೃಷಿ ಕಾರ್ಯಕ್ರಮ, 9.30 ಸುಗಮ ಸಂಗೀತ, 10.00 ಆರೋಗ್ಯ ಕಾರ್ಯಕ್ರಮ, 11.00 ಶಾಸ್ತ್ರೀಯ ಸಂಗೀತ, 11.15 ಜಾನಪದ ಗೀತೆಗಳು, 12.00 ಮಕ್ಕಳ ಕಾರ್ಯಕ್ರಮ. ■ ಮಧ್ಯಾಹ್ನ 12.30 ಮಹಿಳಾ ಕಾರ್ಯಕ್ರಮ, 1.00 ದಿಲ್ಲಿ ವಾರ್ತೆ, 1.20 ಪ್ರಾದೇಶಿಕ ವಾರ್ತೆ, 1.30 ಚಿತ್ರಗೀತೆಗಳು, 2.00 ಕೃಷಿರಂಗ, 3.00 ಸಾಹಿತ್ಯ ಕಾರ್ಯಕ್ರಮ, 4.00 ವಾರ್ತೆಗಳು, 4.30 ಯುವವಾಣಿ, 5.00 ವಿಜ್ಞಾನ ಕಾರ್ಯಕ್ರಮ. ■ ಸಂಜೆ 6.00 ಕನ್ನಡ ವಾರ್ತೆ, 6.30 ಸುಗಮ ಸಂಗೀತ, 7.00 ಪ್ರಾದೇಶಿಕ ವಾರ್ತೆ, 7.30 ನಾಟಕ, 8.00 ರಾಷ್ಟ್ರೀಯ ವಾರ್ತೆ, 8.30 ಶಾಸ್ತ್ರೀಯ ಸಂಗೀತ, 9.30 ವಾರ್ತೆಗಳು, 10.00 ನಿದ್ರಾಗೀತೆ, 11.00 ಸಮಾಪ್ತಿ. ಜಿಲ್ಲಾಧಿಕಾರಿಗಳ ಕಚೇರಿಯಲ್ಲಿ ಸಭೆ.
